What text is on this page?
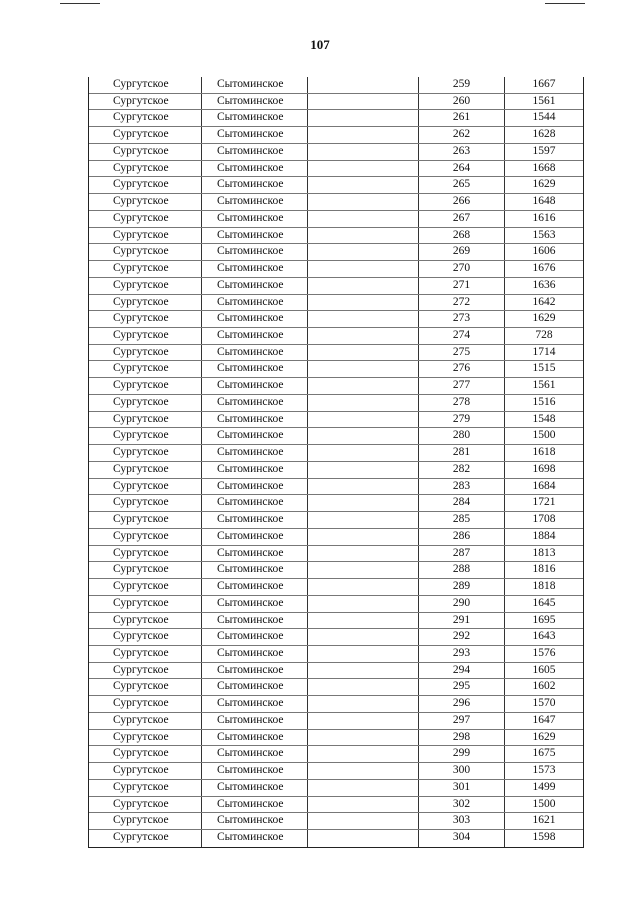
107
Сургутское	Сытоминское	259	1667
Сургутское	Сытоминское	260	1561
Сургутское	Сытоминское	261	1544
Сургутское	Сытоминское	262	1628
Сургутское	Сытоминское	263	1597
Сургутское	Сытоминское	264	1668
Сургутское	Сытоминское	265	1629
Сургутское	Сытоминское	266	1648
Сургутское	Сытоминское	267	1616
Сургутское	Сытоминское	268	1563
Сургутское	Сытоминское	269	1606
Сургутское	Сытоминское	270	1676
Сургутское	Сытоминское	271	1636
Сургутское	Сытоминское	272	1642
Сургутское	Сытоминское	273	1629
Сургутское	Сытоминское	274	728
Сургутское	Сытоминское	275	1714
Сургутское	Сытоминское	276	1515
Сургутское	Сытоминское	277	1561
Сургутское	Сытоминское	278	1516
Сургутское	Сытоминское	279	1548
Сургутское	Сытоминское	280	1500
Сургутское	Сытоминское	281	1618
Сургутское	Сытоминское	282	1698
Сургутское	Сытоминское	283	1684
Сургутское	Сытоминское	284	1721
Сургутское	Сытоминское	285	1708
Сургутское	Сытоминское	286	1884
Сургутское	Сытоминское	287	1813
Сургутское	Сытоминское	288	1816
Сургутское	Сытоминское	289	1818
Сургутское	Сытоминское	290	1645
Сургутское	Сытоминское	291	1695
Сургутское	Сытоминское	292	1643
Сургутское	Сытоминское	293	1576
Сургутское	Сытоминское	294	1605
Сургутское	Сытоминское	295	1602
Сургутское	Сытоминское	296	1570
Сургутское	Сытоминское	297	1647
Сургутское	Сытоминское	298	1629
Сургутское	Сытоминское	299	1675
Сургутское	Сытоминское	300	1573
Сургутское	Сытоминское	301	1499
Сургутское	Сытоминское	302	1500
Сургутское	Сытоминское	303	1621
Сургутское	Сытоминское	304	1598
